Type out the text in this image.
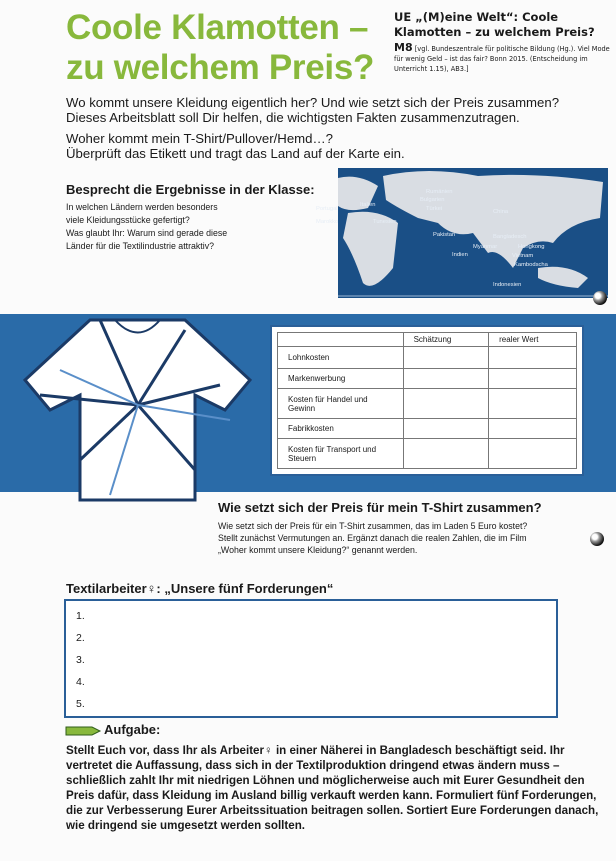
Coole Klamotten –
zu welchem Preis?
UE „(M)eine Welt“: Coole Klamotten – zu welchem Preis?
M8 [vgl. Bundeszentrale für politische Bildung (Hg.). Viel Mode für wenig Geld – ist das fair? Bonn 2015. (Entscheidung im Unterricht 1.15), AB3.]
Wo kommt unsere Kleidung eigentlich her? Und wie setzt sich der Preis zusammen?
Dieses Arbeitsblatt soll Dir helfen, die wichtigsten Fakten zusammenzutragen.
Woher kommt mein T-Shirt/Pullover/Hemd…?
Überprüft das Etikett und tragt das Land auf der Karte ein.
Besprecht die Ergebnisse in der Klasse:
In welchen Ländern werden besonders
viele Kleidungsstücke gefertigt?
Was glaubt Ihr: Warum sind gerade diese
Länder für die Textilindustrie attraktiv?
Rumänien
Bulgarien
Italien
Türkei
Portugal
Marokko	Tunesien
China
Pakistan	Bangladesch
Myanmar	Hongkong
Indien	Vietnam
Kambodscha
Indonesien
	Schätzung	realer Wert
Lohnkosten		
Markenwerbung		
Kosten für Handel und Gewinn		
Fabrikkosten		
Kosten für Transport und Steuern		
Wie setzt sich der Preis für mein T-Shirt zusammen?
Wie setzt sich der Preis für ein T-Shirt zusammen, das im Laden 5 Euro kostet?
Stellt zunächst Vermutungen an. Ergänzt danach die realen Zahlen, die im Film
„Woher kommt unsere Kleidung?“ genannt werden.
Textilarbeiter♀: „Unsere fünf Forderungen“
1.
2.
3.
4.
5.
Aufgabe:
Stellt Euch vor, dass Ihr als Arbeiter♀ in einer Näherei in Bangladesch beschäftigt seid. Ihr vertretet die Auffassung, dass sich in der Textilproduktion dringend etwas ändern muss – schließlich zahlt Ihr mit niedrigen Löhnen und möglicherweise auch mit Eurer Gesundheit den Preis dafür, dass Kleidung im Ausland billig verkauft werden kann. Formuliert fünf Forderungen, die zur Verbesserung Eurer Arbeitssituation beitragen sollen. Sortiert Eure Forderungen danach, wie dringend sie umgesetzt werden sollten.
